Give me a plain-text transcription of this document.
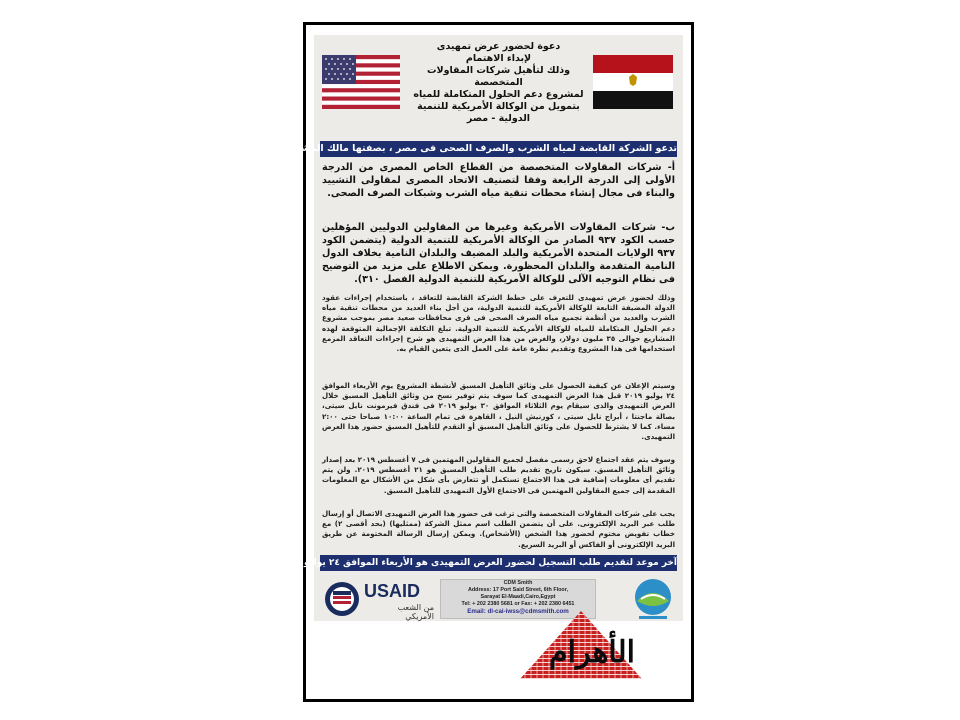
دعوة لحضور عرض تمهيدى
لإبداء الاهتمام
وذلك لتأهيل شركات المقاولات المتخصصة
لمشروع دعم الحلول المتكاملة للمياه
بتمويل من الوكالة الأمريكية للتنمية الدولية - مصر
تدعو الشركة القابضة لمياه الشرب والصرف الصحى فى مصر ، بصفتها مالك المشروع:
أ- شركات المقاولات المتخصصة من القطاع الخاص المصرى من الدرجة الأولى إلى الدرجة الرابعة وفقا لتصنيف الاتحاد المصرى لمقاولى التشييد والبناء فى مجال إنشاء محطات تنقية مياه الشرب وشبكات الصرف الصحى.
ب- شركات المقاولات الأمريكية وغيرها من المقاولين الدوليين المؤهلين حسب الكود ٩٣٧ الصادر من الوكالة الأمريكية للتنمية الدولية (يتضمن الكود ٩٣٧ الولايات المتحدة الأمريكية والبلد المضيف والبلدان النامية بخلاف الدول النامية المتقدمة والبلدان المحظورة. ويمكن الاطلاع على مزيد من التوضيح فى نظام التوجيه الآلى للوكالة الأمريكية للتنمية الدولية الفصل ٣١٠).
وذلك لحضور عرض تمهيدى للتعرف على خطط الشركة القابضة للتعاقد ، باستخدام إجراءات عقود الدولة المضيفة التابعة للوكالة الأمريكية للتنمية الدولية، من أجل بناء العديد من محطات تنقية مياه الشرب والعديد من أنظمة تجميع مياه الصرف الصحى فى قرى محافظات صعيد مصر بموجب مشروع دعم الحلول المتكاملة للمياه للوكالة الأمريكية للتنمية الدولية. تبلغ التكلفة الإجمالية المتوقعة لهذه المشاريع حوالى ٣٥ مليون دولار، والغرض من هذا العرض التمهيدى هو شرح إجراءات التعاقد المزمع استخدامها فى هذا المشروع وتقديم نظرة عامة على العمل الذى يتعين القيام به.
وسيتم الإعلان عن كيفية الحصول على وثائق التأهيل المسبق لأنشطة المشروع يوم الأربعاء الموافق ٢٤ يوليو ٢٠١٩ قبل هذا العرض التمهيدى كما سوف يتم توفير نسخ من وثائق التأهيل المسبق خلال العرض التمهيدى والذى سيقام يوم الثلاثاء الموافق ٣٠ يوليو ٢٠١٩ فى فندق فيرمونت نايل سيتى، بصالة ماجنتا ، أبراج نايل سيتى ، كورنيش النيل ، القاهرة فى تمام الساعة ١٠:٠٠ صباحا حتى ٢:٠٠ مساء. كما لا يشترط للحصول على وثائق التأهيل المسبق أو التقدم للتأهيل المسبق حضور هذا العرض التمهيدى.
وسوف يتم عقد اجتماع لاحق رسمى مفصل لجميع المقاولين المهتمين فى ٧ أغسطس ٢٠١٩ بعد إصدار وثائق التأهيل المسبق. سيكون تاريخ تقديم طلب التأهيل المسبق هو ٢١ أغسطس ٢٠١٩. ولن يتم تقديم أى معلومات إضافية فى هذا الاجتماع تستكمل أو تتعارض بأى شكل من الأشكال مع المعلومات المقدمة إلى جميع المقاولين المهتمين فى الاجتماع الأول التمهيدى للتأهيل المسبق.
يجب على شركات المقاولات المتخصصة والتى ترغب فى حضور هذا العرض التمهيدى الاتصال أو إرسال طلب عبر البريد الإلكترونى. على أن يتضمن الطلب اسم ممثل الشركة (ممثليها) (بحد أقصى ٢) مع خطاب تفويض مختوم لحضور هذا الشخص (الأشخاص). ويمكن إرسال الرسالة المختومة عن طريق البريد الإلكترونى أو الفاكس أو البريد السريع.
آخر موعد لتقديم طلب التسجيل لحضور العرض التمهيدى هو الأربعاء الموافق ٢٤ يوليو ٢٠١٩.
USAID
من الشعب الأمريكي
CDM Smith
Address: 17 Port Said Street, 6th Floor,
Sarayat El-Maadi,Cairo,Egypt
Tel: + 202 2380 5681 or Fax: + 202 2380 6451
Email: dl-cai-iwss@cdmsmith.com
الأهرام
